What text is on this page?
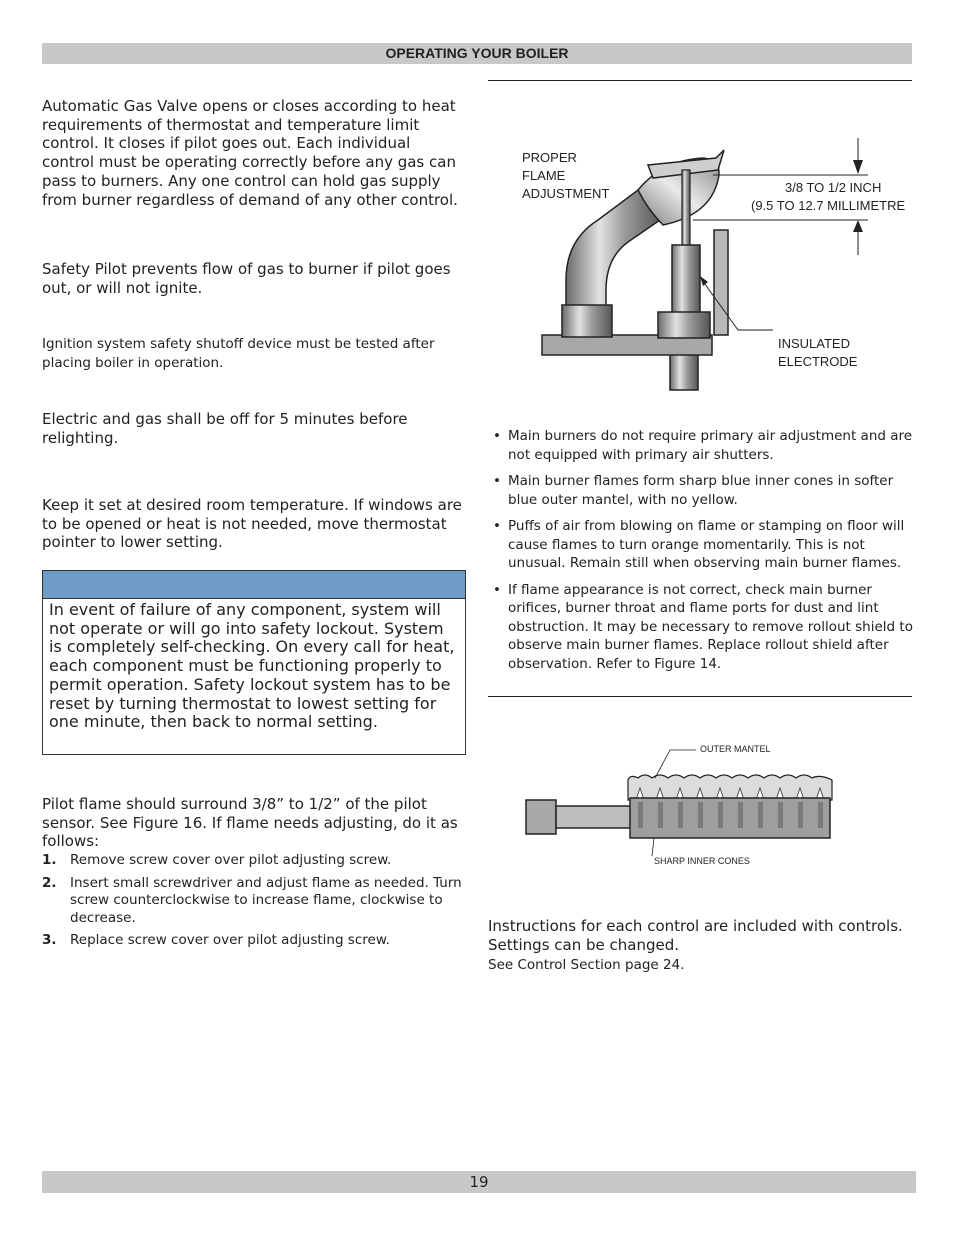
OPERATING YOUR BOILER
Automatic Gas Valve opens or closes according to heat requirements of thermostat and temperature limit control. It closes if pilot goes out. Each individual control must be operating correctly before any gas can pass to burners. Any one control can hold gas supply from burner regardless of demand of any other control.
Safety Pilot prevents flow of gas to burner if pilot goes out, or will not ignite.
Ignition system safety shutoff device must be tested after placing boiler in operation.
Electric and gas shall be off for 5 minutes before relighting.
Keep it set at desired room temperature. If windows are to be opened or heat is not needed, move thermostat pointer to lower setting.
In event of failure of any component, system will not operate or will go into safety lockout. System is completely self-checking. On every call for heat, each component must be functioning properly to permit operation. Safety lockout system has to be reset by turning thermostat to lowest setting for one minute, then back to normal setting.
Pilot flame should surround 3/8” to 1/2” of the pilot sensor. See Figure 16. If flame needs adjusting, do it as follows:
1. Remove screw cover over pilot adjusting screw.
2. Insert small screwdriver and adjust flame as needed. Turn screw counterclockwise to increase flame, clockwise to decrease.
3. Replace screw cover over pilot adjusting screw.
PROPER
FLAME
ADJUSTMENT	3/8 TO 1/2 INCH
(9.5 TO 12.7 MILLIMETRE
INSULATED
ELECTRODE
• Main burners do not require primary air adjustment and are not equipped with primary air shutters.
• Main burner flames form sharp blue inner cones in softer blue outer mantel, with no yellow.
• Puffs of air from blowing on flame or stamping on floor will cause flames to turn orange momentarily. This is not unusual. Remain still when observing main burner flames.
• If flame appearance is not correct, check main burner orifices, burner throat and flame ports for dust and lint obstruction. It may be necessary to remove rollout shield to observe main burner flames. Replace rollout shield after observation. Refer to Figure 14.
OUTER MANTEL
SHARP INNER CONES
Instructions for each control are included with controls. Settings can be changed.
See Control Section page 24.
19
